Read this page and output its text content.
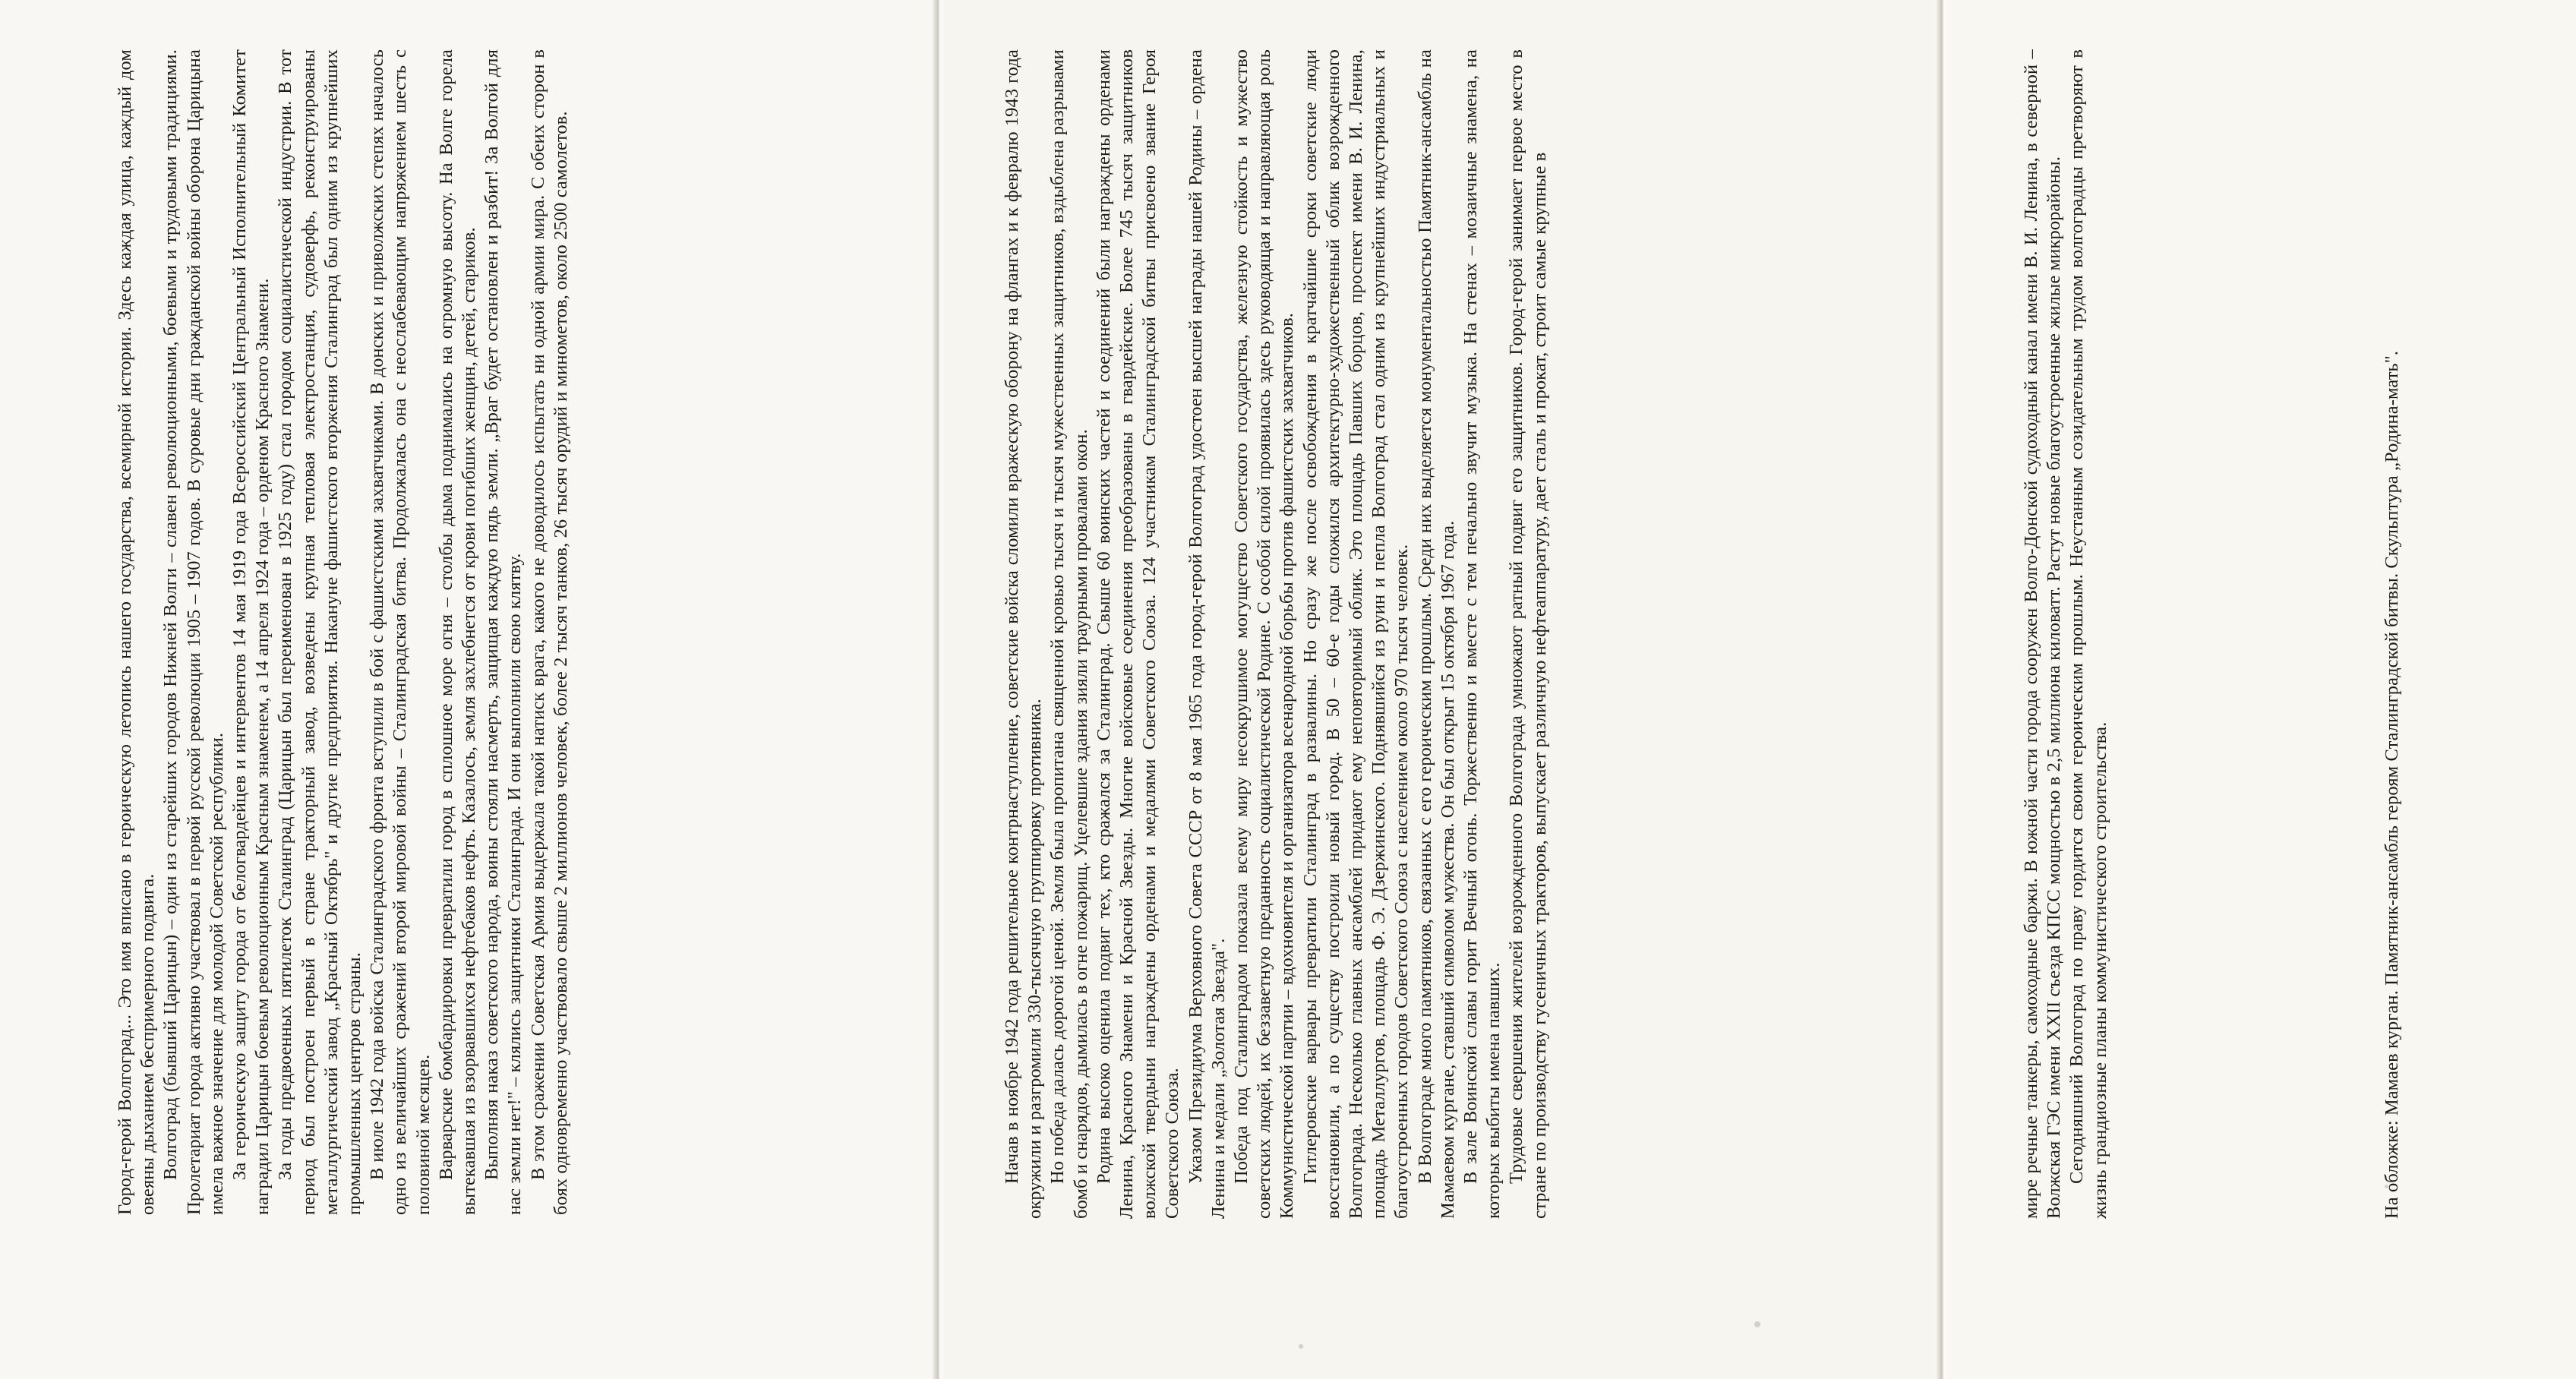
Город-герой Волгоград... Это имя вписано в героическую летопись нашего государства, всемирной истории. Здесь каждая улица, каждый дом овеяны дыханием беспримерного подвига. Волгоград (бывший Царицын) – один из старейших городов Нижней Волги – славен революционными, боевыми и трудовыми традициями. Пролетариат города активно участвовал в первой русской революции 1905 – 1907 годов. В суровые дни гражданской войны оборона Царицына имела важное значение для молодой Советской республики. За героическую защиту города от белогвардейцев и интервентов 14 мая 1919 года Всероссийский Центральный Исполнительный Комитет наградил Царицын боевым революционным Красным знаменем, а 14 апреля 1924 года – орденом Красного Знамени. За годы предвоенных пятилеток Сталинград (Царицын был переименован в 1925 году) стал городом социалистической индустрии. В тот период был построен первый в стране тракторный завод, возведены крупная тепловая электростанция, судоверфь, реконструированы металлургический завод „Красный Октябрь" и другие предприятия. Накануне фашистского вторжения Сталинград был одним из крупнейших промышленных центров страны. В июле 1942 года войска Сталинградского фронта вступили в бой с фашистскими захватчиками. В донских и приволжских степях началось одно из величайших сражений второй мировой войны – Сталинградская битва. Продолжалась она с неослабевающим напряжением шесть с половиной месяцев. Варварские бомбардировки превратили город в сплошное море огня – столбы дыма поднимались на огромную высоту. На Волге горела вытекавшая из взорвавшихся нефтебаков нефть. Казалось, земля захлебнется от крови погибших женщин, детей, стариков. Выполняя наказ советского народа, воины стояли насмерть, защищая каждую пядь земли. „Враг будет остановлен и разбит! За Волгой для нас земли нет!" – клялись защитники Сталинграда. И они выполнили свою клятву. В этом сражении Советская Армия выдержала такой натиск врага, какого не доводилось испытать ни одной армии мира. С обеих сторон в боях одновременно участвовало свыше 2 миллионов человек, более 2 тысяч танков, 26 тысяч орудий и минометов, около 2500 самолетов.	Начав в ноябре 1942 года решительное контрнаступление, советские войска сломили вражескую оборону на флангах и к февралю 1943 года окружили и разгромили 330-тысячную группировку противника. Но победа далась дорогой ценой. Земля была пропитана священной кровью тысяч и тысяч мужественных защитников, вздыблена разрывами бомб и снарядов, дымилась в огне пожарищ. Уцелевшие здания зияли траурными провалами окон. Родина высоко оценила подвиг тех, кто сражался за Сталинград. Свыше 60 воинских частей и соединений были награждены орденами Ленина, Красного Знамени и Красной Звезды. Многие войсковые соединения преобразованы в гвардейские. Более 745 тысяч защитников волжской твердыни награждены орденами и медалями Советского Союза. 124 участникам Сталинградской битвы присвоено звание Героя Советского Союза. Указом Президиума Верховного Совета СССР от 8 мая 1965 года город-герой Волгоград удостоен высшей награды нашей Родины – ордена Ленина и медали „Золотая Звезда". Победа под Сталинградом показала всему миру несокрушимое могущество Советского государства, железную стойкость и мужество советских людей, их беззаветную преданность социалистической Родине. С особой силой проявилась здесь руководящая и направляющая роль Коммунистической партии – вдохновителя и организатора всенародной борьбы против фашистских захватчиков. Гитлеровские варвары превратили Сталинград в развалины. Но сразу же после освобождения в кратчайшие сроки советские люди восстановили, а по существу построили новый город. В 50 – 60-е годы сложился архитектурно-художественный облик возрожденного Волгограда. Несколько главных ансамблей придают ему неповторимый облик. Это площадь Павших борцов, проспект имени В. И. Ленина, площадь Металлургов, площадь Ф. Э. Дзержинского. Поднявшийся из руин и пепла Волгоград стал одним из крупнейших индустриальных и благоустроенных городов Советского Союза с населением около 970 тысяч человек. В Волгограде много памятников, связанных с его героическим прошлым. Среди них выделяется монументальностью Памятник-ансамбль на Мамаевом кургане, ставший символом мужества. Он был открыт 15 октября 1967 года. В зале Воинской славы горит Вечный огонь. Торжественно и вместе с тем печально звучит музыка. На стенах – мозаичные знамена, на которых выбиты имена павших. Трудовые свершения жителей возрожденного Волгограда умножают ратный подвиг его защитников. Город-герой занимает первое место в стране по производству гусеничных тракторов, выпускает различную нефтеаппаратуру, дает сталь и прокат, строит самые крупные в	мире речные танкеры, самоходные баржи. В южной части города сооружен Волго-Донской судоходный канал имени В. И. Ленина, в северной – Волжская ГЭС имени XXII съезда КПСС мощностью в 2,5 миллиона киловатт. Растут новые благоустроенные жилые микрорайоны. Сегодняшний Волгоград по праву гордится своим героическим прошлым. Неустанным созидательным трудом волгоградцы претворяют в жизнь грандиозные планы коммунистического строительства.	На обложке: Мамаев курган. Памятник-ансамбль героям Сталинградской битвы. Скульптура „Родина-мать".
